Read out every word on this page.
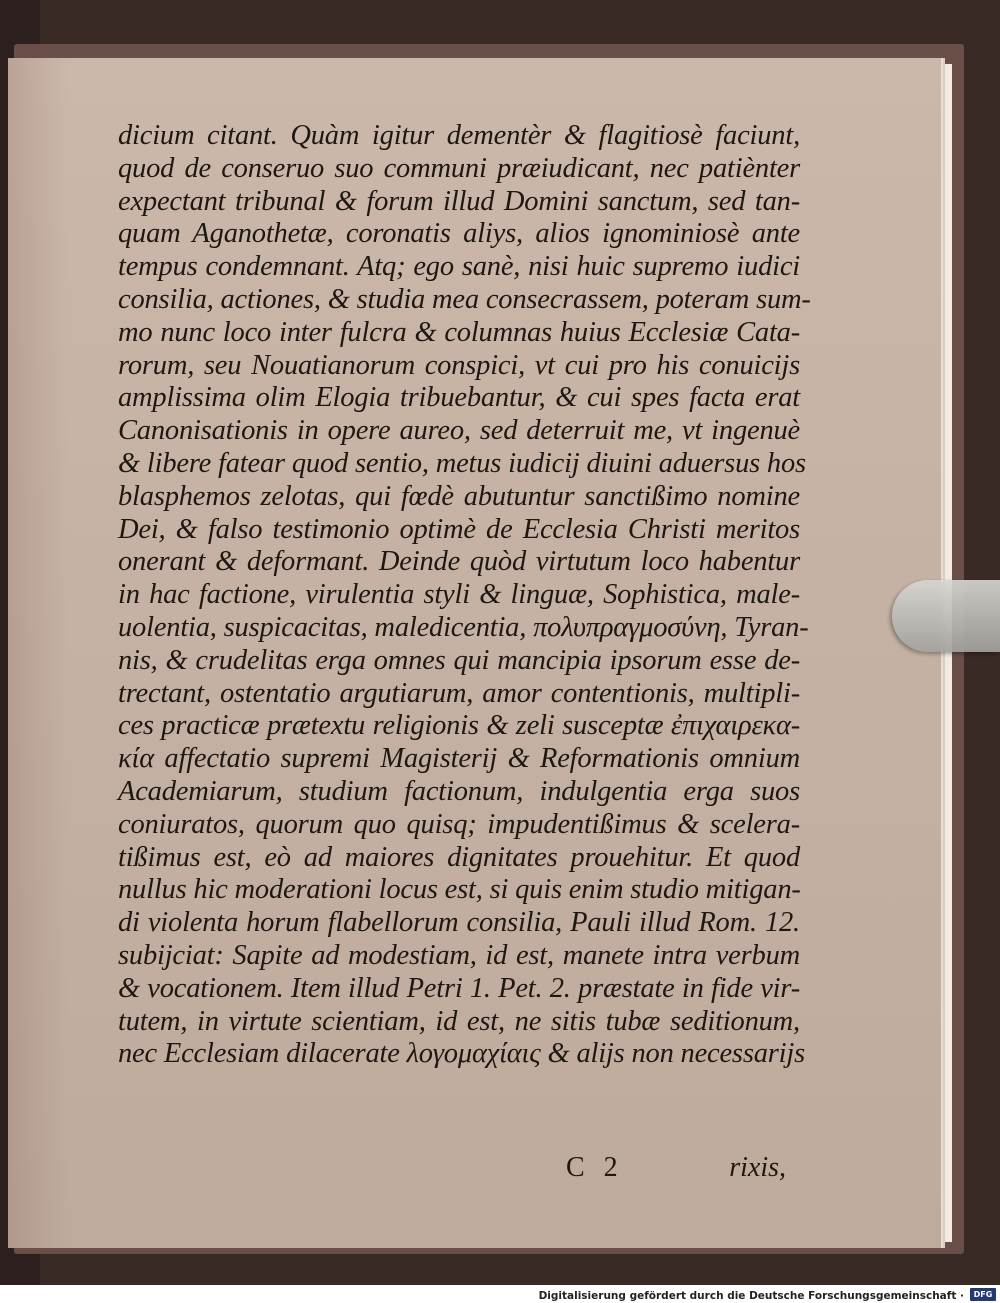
dicium citant. Quàm igitur dementèr & flagitiosè faciunt,
quod de conseruo suo communi præiudicant, nec patiènter
expectant tribunal & forum illud Domini sanctum, sed tan-
quam Aganothetæ, coronatis aliys, alios ignominiosè ante
tempus condemnant. Atq; ego sanè, nisi huic supremo iudici
consilia, actiones, & studia mea consecrassem, poteram sum-
mo nunc loco inter fulcra & columnas huius Ecclesiæ Cata-
rorum, seu Nouatianorum conspici, vt cui pro his conuicijs
amplissima olim Elogia tribuebantur, & cui spes facta erat
Canonisationis in opere aureo, sed deterruit me, vt ingenuè
& libere fatear quod sentio, metus iudicij diuini aduersus hos
blasphemos zelotas, qui fœdè abutuntur sanctißimo nomine
Dei, & falso testimonio optimè de Ecclesia Christi meritos
onerant & deformant. Deinde quòd virtutum loco habentur
in hac factione, virulentia styli & linguæ, Sophistica, male-
uolentia, suspicacitas, maledicentia, πολυπραγμοσύνη, Tyran-
nis, & crudelitas erga omnes qui mancipia ipsorum esse de-
trectant, ostentatio argutiarum, amor contentionis, multipli-
ces practicæ prætextu religionis & zeli susceptæ ἐπιχαιρεκα-
κία affectatio supremi Magisterij & Reformationis omnium
Academiarum, studium factionum, indulgentia erga suos
coniuratos, quorum quo quisq; impudentißimus & scelera-
tißimus est, eò ad maiores dignitates prouehitur. Et quod
nullus hic moderationi locus est, si quis enim studio mitigan-
di violenta horum flabellorum consilia, Pauli illud Rom. 12.
subijciat: Sapite ad modestiam, id est, manete intra verbum
& vocationem. Item illud Petri 1. Pet. 2. præstate in fide vir-
tutem, in virtute scientiam, id est, ne sitis tubæ seditionum,
nec Ecclesiam dilacerate λογομαχίαις & alijs non necessarijs
C 2	rixis,
Digitalisierung gefördert durch die Deutsche Forschungsgemeinschaft ·	DFG
